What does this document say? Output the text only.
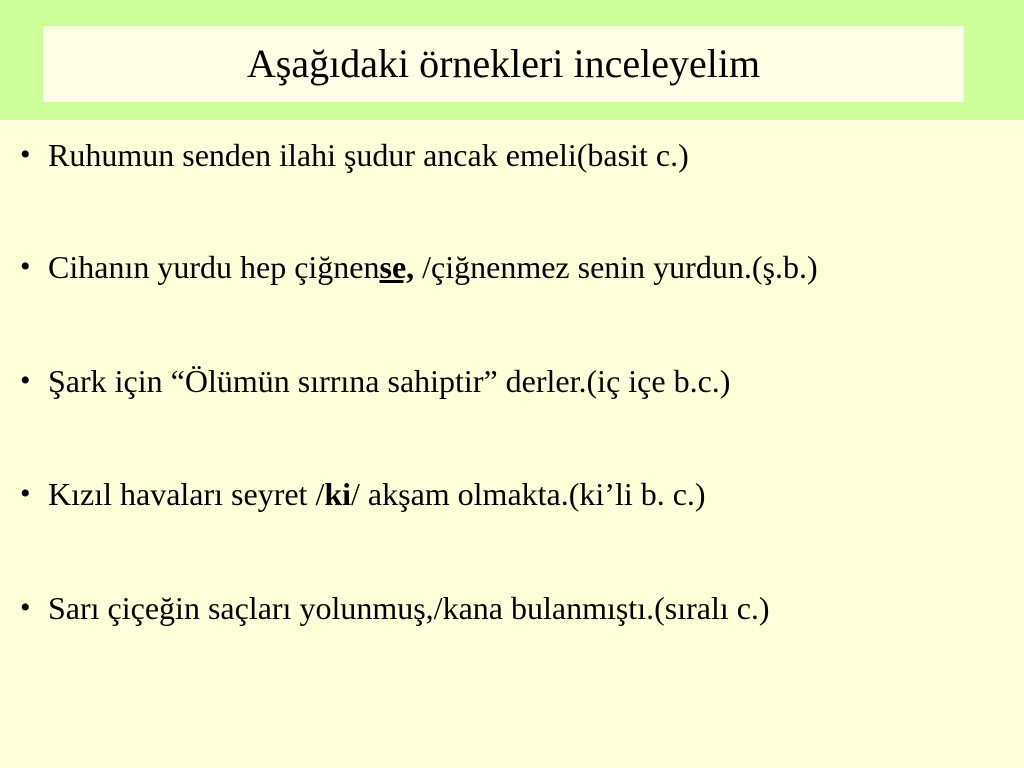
Aşağıdaki örnekleri inceleyelim
• Ruhumun senden ilahi şudur ancak emeli(basit c.)
• Cihanın yurdu hep çiğnense, /çiğnenmez senin yurdun.(ş.b.)
• Şark için “Ölümün sırrına sahiptir” derler.(iç içe b.c.)
• Kızıl havaları seyret /ki/ akşam olmakta.(ki’li b. c.)
• Sarı çiçeğin saçları yolunmuş,/kana bulanmıştı.(sıralı c.)
